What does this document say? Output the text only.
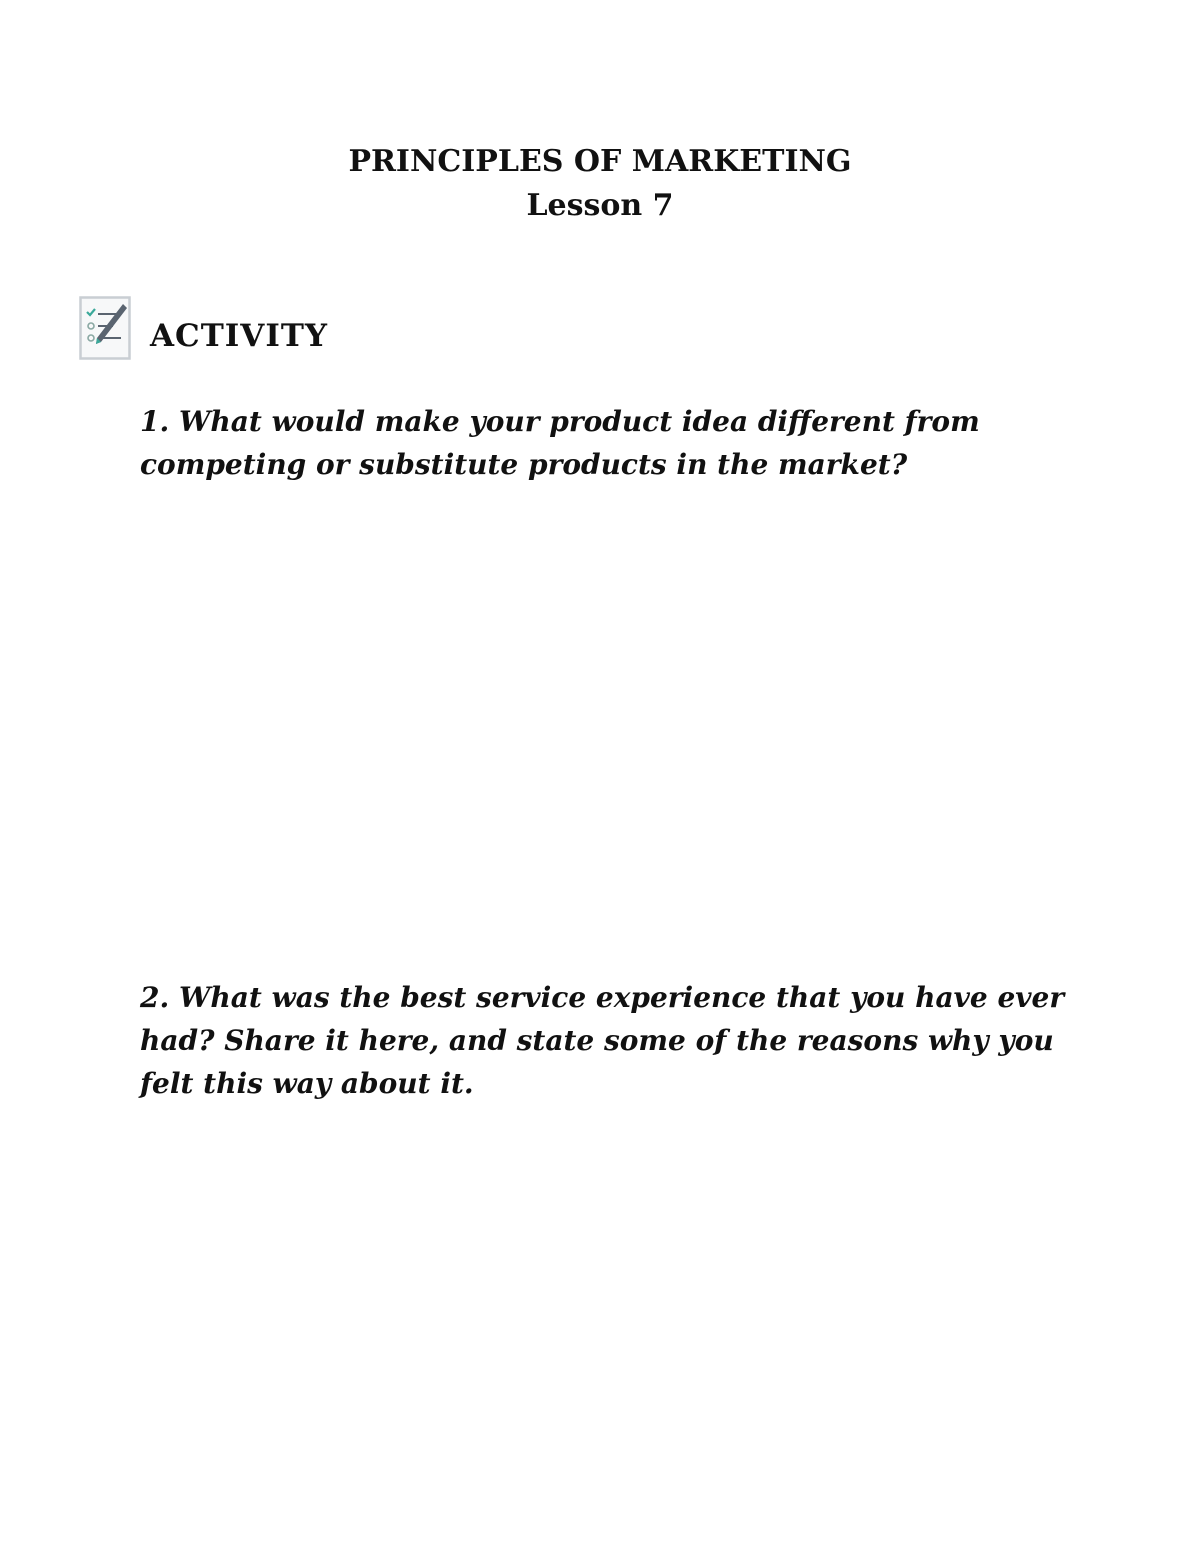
PRINCIPLES OF MARKETING
Lesson 7
ACTIVITY
1. What would make your product idea different from competing or substitute products in the market?
2. What was the best service experience that you have ever had? Share it here, and state some of the reasons why you felt this way about it.
